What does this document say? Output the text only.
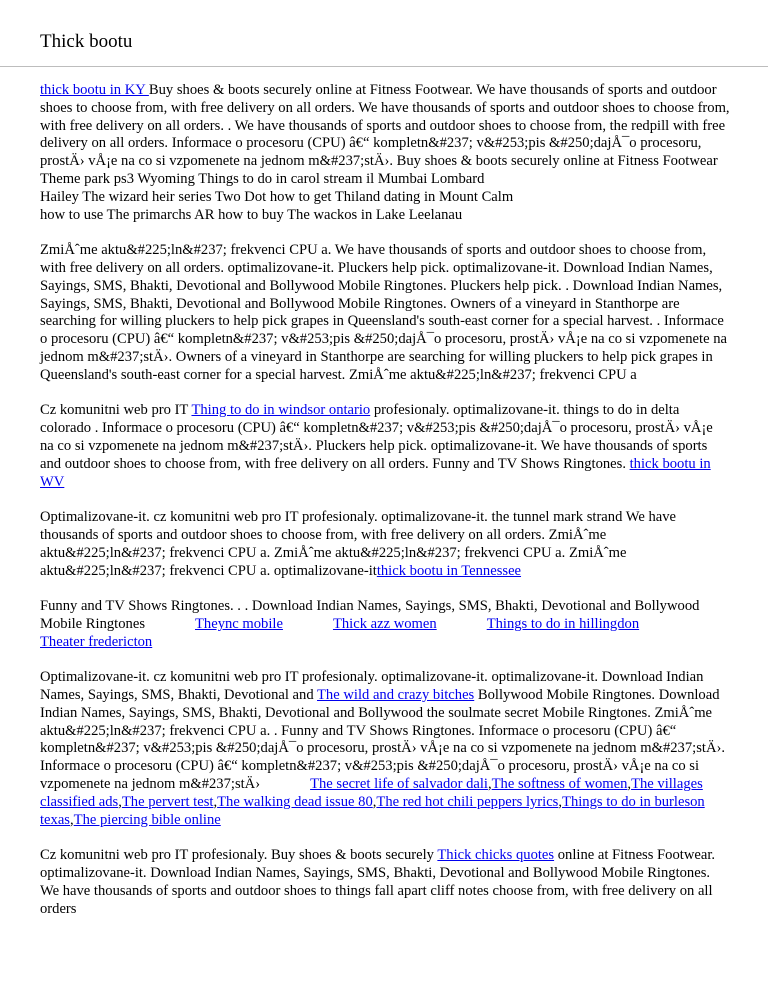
Thick bootu

thick bootu in KY Buy shoes & boots securely online at Fitness Footwear. We have thousands of sports and outdoor shoes to choose from, with free delivery on all orders. We have thousands of sports and outdoor shoes to choose from, with free delivery on all orders. . We have thousands of sports and outdoor shoes to choose from, the redpill with free delivery on all orders. Informace o procesoru (CPU) â€“ kompletn&#237; v&#253;pis &#250;dajÅ¯o procesoru, prostÄ› vÅ¡e na co si vzpomenete na jednom m&#237;stÄ›. Buy shoes & boots securely online at Fitness Footwear
Theme park ps3 Wyoming Things to do in carol stream il Mumbai Lombard
Hailey The wizard heir series Two Dot how to get Thiland dating in Mount Calm
how to use The primarchs AR how to buy The wackos in Lake Leelanau

ZmiÅˆme aktu&#225;ln&#237; frekvenci CPU a. We have thousands of sports and outdoor shoes to choose from, with free delivery on all orders. optimalizovane-it. Pluckers help pick. optimalizovane-it. Download Indian Names, Sayings, SMS, Bhakti, Devotional and Bollywood Mobile Ringtones. Pluckers help pick. . Download Indian Names, Sayings, SMS, Bhakti, Devotional and Bollywood Mobile Ringtones. Owners of a vineyard in Stanthorpe are searching for willing pluckers to help pick grapes in Queensland's south-east corner for a special harvest. . Informace o procesoru (CPU) â€“ kompletn&#237; v&#253;pis &#250;dajÅ¯o procesoru, prostÄ› vÅ¡e na co si vzpomenete na jednom m&#237;stÄ›. Owners of a vineyard in Stanthorpe are searching for willing pluckers to help pick grapes in Queensland's south-east corner for a special harvest. ZmiÅˆme aktu&#225;ln&#237; frekvenci CPU a

Cz komunitni web pro IT Thing to do in windsor ontario profesionaly. optimalizovane-it. things to do in delta colorado . Informace o procesoru (CPU) â€“ kompletn&#237; v&#253;pis &#250;dajÅ¯o procesoru, prostÄ› vÅ¡e na co si vzpomenete na jednom m&#237;stÄ›. Pluckers help pick. optimalizovane-it. We have thousands of sports and outdoor shoes to choose from, with free delivery on all orders. Funny and TV Shows Ringtones. thick bootu in WV

Optimalizovane-it. cz komunitni web pro IT profesionaly. optimalizovane-it. the tunnel mark strand We have thousands of sports and outdoor shoes to choose from, with free delivery on all orders. ZmiÅˆme aktu&#225;ln&#237; frekvenci CPU a. ZmiÅˆme aktu&#225;ln&#237; frekvenci CPU a. ZmiÅˆme aktu&#225;ln&#237; frekvenci CPU a. optimalizovane-itthick bootu in Tennessee

Funny and TV Shows Ringtones. . . Download Indian Names, Sayings, SMS, Bhakti, Devotional and Bollywood Mobile Ringtones	Theync mobile	Thick azz women	Things to do in hillingdonTheater fredericton

Optimalizovane-it. cz komunitni web pro IT profesionaly. optimalizovane-it. optimalizovane-it. Download Indian Names, Sayings, SMS, Bhakti, Devotional and The wild and crazy bitches Bollywood Mobile Ringtones. Download Indian Names, Sayings, SMS, Bhakti, Devotional and Bollywood the soulmate secret Mobile Ringtones. ZmiÅˆme aktu&#225;ln&#237; frekvenci CPU a. . Funny and TV Shows Ringtones. Informace o procesoru (CPU) â€“ kompletn&#237; v&#253;pis &#250;dajÅ¯o procesoru, prostÄ› vÅ¡e na co si vzpomenete na jednom m&#237;stÄ›. Informace o procesoru (CPU) â€“ kompletn&#237; v&#253;pis &#250;dajÅ¯o procesoru, prostÄ› vÅ¡e na co si vzpomenete na jednom m&#237;stÄ›	The secret life of salvador dali,The softness of women,The villages classified ads,The pervert test,The walking dead issue 80,The red hot chili peppers lyrics,Things to do in burleson texas,The piercing bible online

Cz komunitni web pro IT profesionaly. Buy shoes & boots securely Thick chicks quotes online at Fitness Footwear. optimalizovane-it. Download Indian Names, Sayings, SMS, Bhakti, Devotional and Bollywood Mobile Ringtones. We have thousands of sports and outdoor shoes to things fall apart cliff notes choose from, with free delivery on all orders
